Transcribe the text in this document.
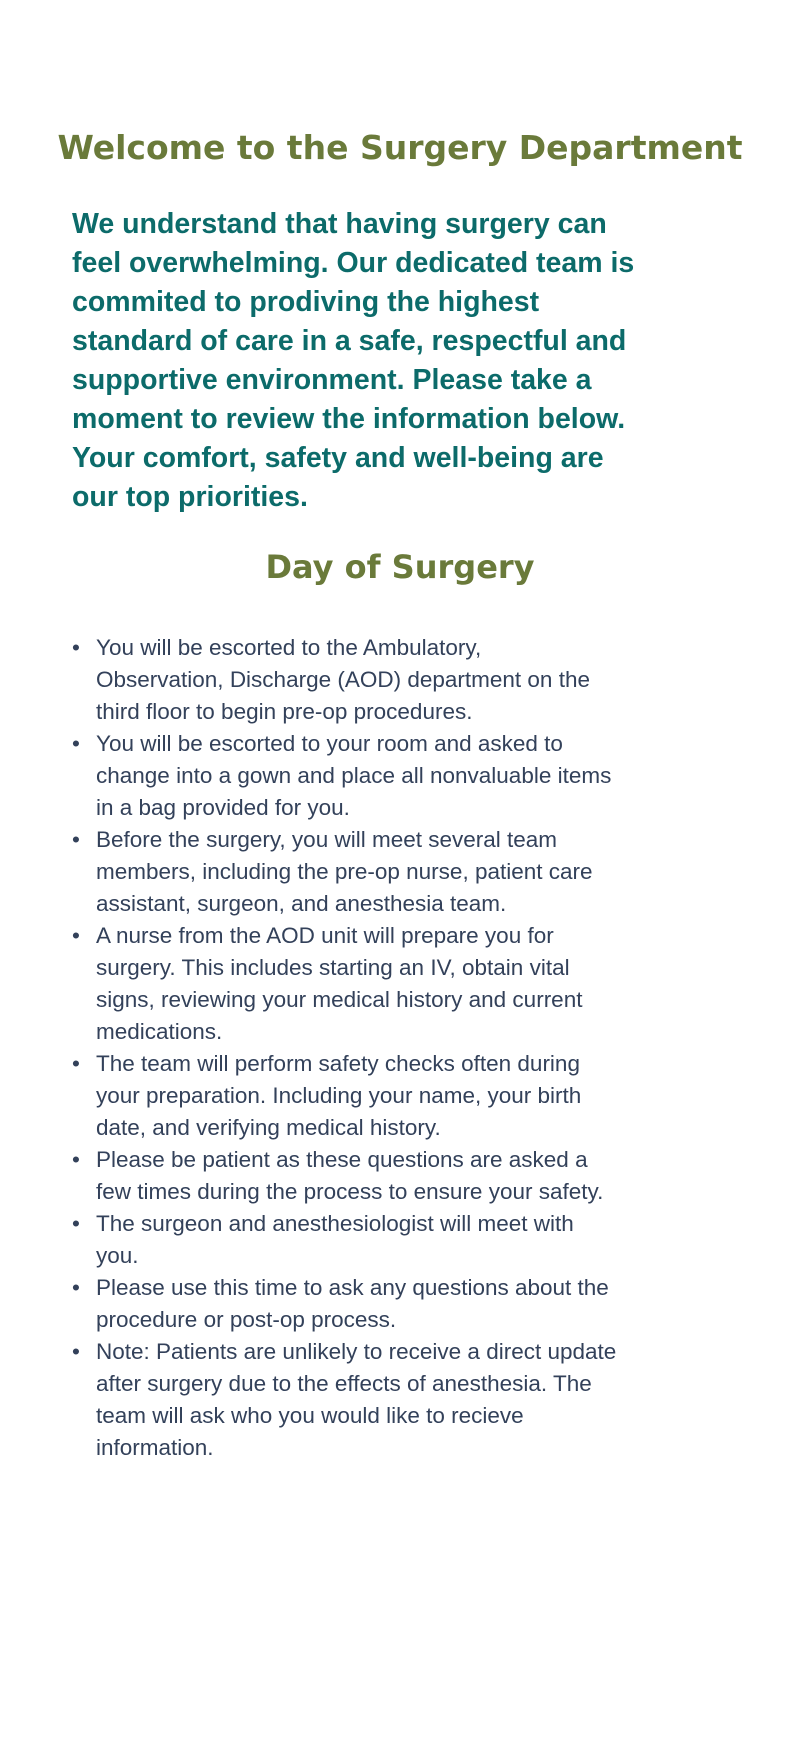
Welcome to the Surgery Department
We understand that having surgery can
feel overwhelming. Our dedicated team is
commited to prodiving the highest
standard of care in a safe, respectful and
supportive environment. Please take a
moment to review the information below.
Your comfort, safety and well-being are
our top priorities.
Day of Surgery
• You will be escorted to the Ambulatory,
Observation, Discharge (AOD) department on the
third floor to begin pre-op procedures.
• You will be escorted to your room and asked to
change into a gown and place all nonvaluable items
in a bag provided for you.
• Before the surgery, you will meet several team
members, including the pre-op nurse, patient care
assistant, surgeon, and anesthesia team.
• A nurse from the AOD unit will prepare you for
surgery. This includes starting an IV, obtain vital
signs, reviewing your medical history and current
medications.
• The team will perform safety checks often during
your preparation. Including your name, your birth
date, and verifying medical history.
• Please be patient as these questions are asked a
few times during the process to ensure your safety.
• The surgeon and anesthesiologist will meet with
you.
• Please use this time to ask any questions about the
procedure or post-op process.
• Note: Patients are unlikely to receive a direct update
after surgery due to the effects of anesthesia. The
team will ask who you would like to recieve
information.
